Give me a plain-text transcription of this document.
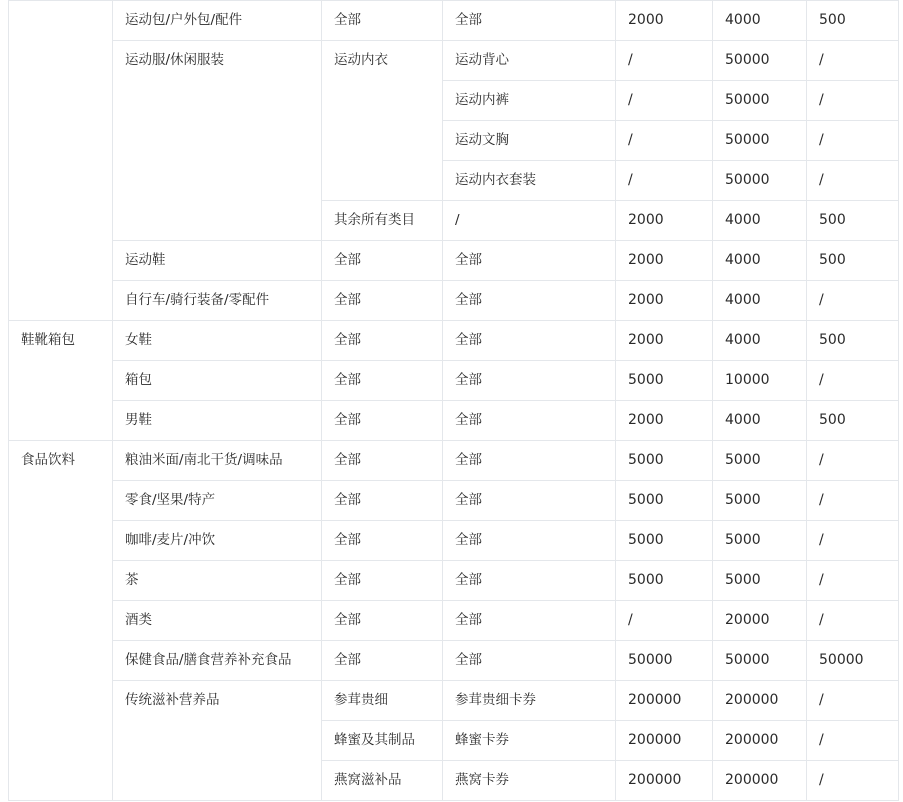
	运动包/户外包/配件	全部	全部	2000	4000	500
	运动服/休闲服装	运动内衣	运动背心	/	50000	/
			运动内裤	/	50000	/
			运动文胸	/	50000	/
			运动内衣套装	/	50000	/
		其余所有类目	/	2000	4000	500
	运动鞋	全部	全部	2000	4000	500
	自行车/骑行装备/零配件	全部	全部	2000	4000	/
鞋靴箱包	女鞋	全部	全部	2000	4000	500
	箱包	全部	全部	5000	10000	/
	男鞋	全部	全部	2000	4000	500
食品饮料	粮油米面/南北干货/调味品	全部	全部	5000	5000	/
	零食/坚果/特产	全部	全部	5000	5000	/
	咖啡/麦片/冲饮	全部	全部	5000	5000	/
	茶	全部	全部	5000	5000	/
	酒类	全部	全部	/	20000	/
	保健食品/膳食营养补充食品	全部	全部	50000	50000	50000
	传统滋补营养品	参茸贵细	参茸贵细卡券	200000	200000	/
		蜂蜜及其制品	蜂蜜卡券	200000	200000	/
		燕窝滋补品	燕窝卡券	200000	200000	/
